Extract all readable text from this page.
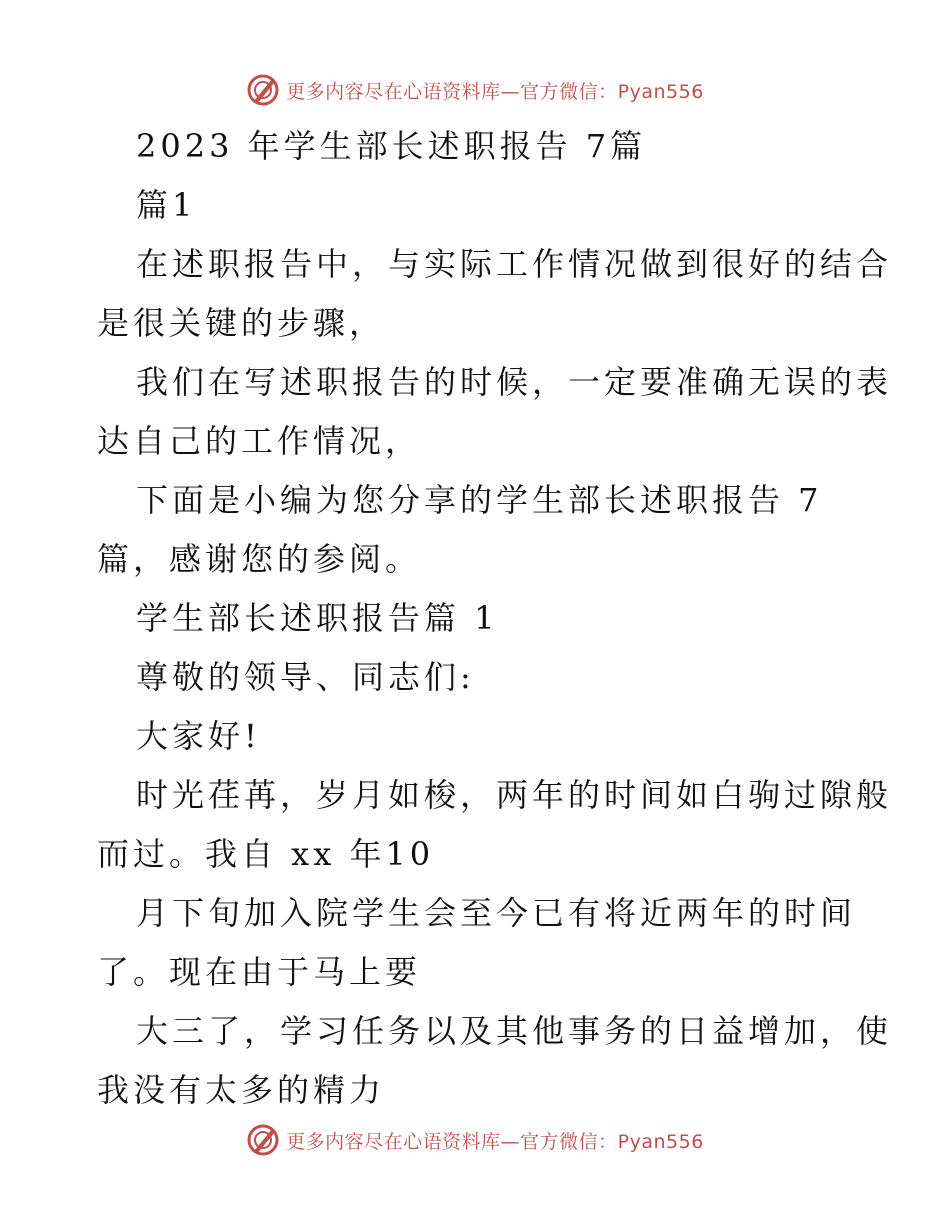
更多内容尽在心语资料库—官方微信：Pyan556
2023 年学生部长述职报告 7篇
篇1
在述职报告中，与实际工作情况做到很好的结合
是很关键的步骤，
我们在写述职报告的时候，一定要准确无误的表
达自己的工作情况，
下面是小编为您分享的学生部长述职报告 7
篇，感谢您的参阅。
学生部长述职报告篇 1
尊敬的领导、同志们:
大家好!
时光荏苒，岁月如梭，两年的时间如白驹过隙般
而过。我自 xx 年10
月下旬加入院学生会至今已有将近两年的时间
了。现在由于马上要
大三了，学习任务以及其他事务的日益增加，使
我没有太多的精力
更多内容尽在心语资料库—官方微信：Pyan556
